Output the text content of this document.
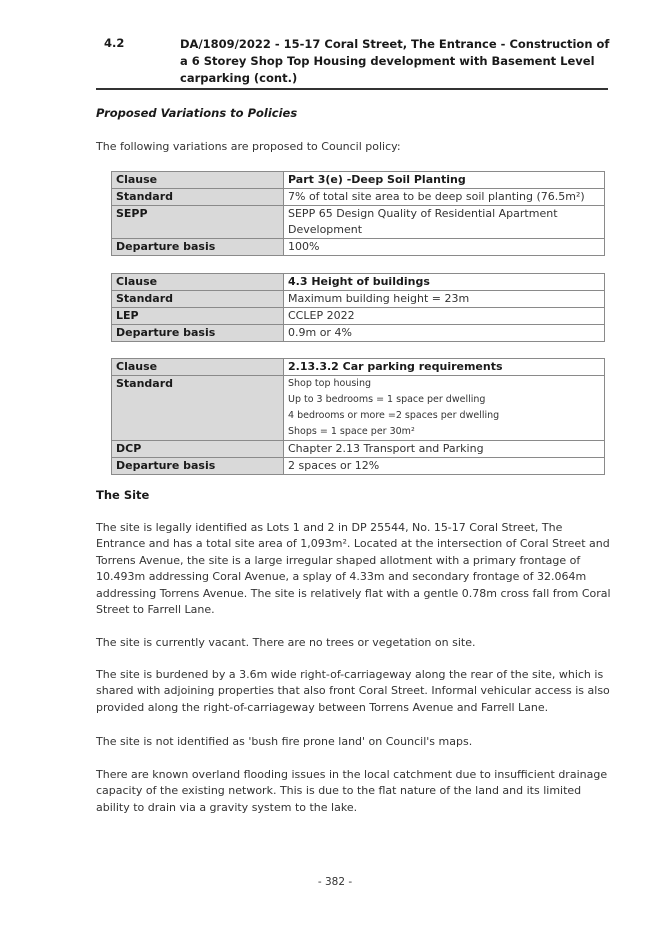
4.2	DA/1809/2022 - 15-17 Coral Street, The Entrance - Construction of a 6 Storey Shop Top Housing development with Basement Level carparking (cont.)
Proposed Variations to Policies
The following variations are proposed to Council policy:
Clause	Part 3(e) -Deep Soil Planting
Standard	7% of total site area to be deep soil planting (76.5m²)
SEPP	SEPP 65 Design Quality of Residential Apartment Development
Departure basis	100%
Clause	4.3 Height of buildings
Standard	Maximum building height = 23m
LEP	CCLEP 2022
Departure basis	0.9m or 4%
Clause	2.13.3.2 Car parking requirements
Standard	Shop top housing
Up to 3 bedrooms = 1 space per dwelling
4 bedrooms or more =2 spaces per dwelling
Shops = 1 space per 30m²

DCP	Chapter 2.13 Transport and Parking
Departure basis	2 spaces or 12%
The Site
The site is legally identified as Lots 1 and 2 in DP 25544, No. 15-17 Coral Street, The Entrance and has a total site area of 1,093m². Located at the intersection of Coral Street and Torrens Avenue, the site is a large irregular shaped allotment with a primary frontage of 10.493m addressing Coral Avenue, a splay of 4.33m and secondary frontage of 32.064m addressing Torrens Avenue. The site is relatively flat with a gentle 0.78m cross fall from Coral Street to Farrell Lane.
The site is currently vacant. There are no trees or vegetation on site.
The site is burdened by a 3.6m wide right-of-carriageway along the rear of the site, which is shared with adjoining properties that also front Coral Street. Informal vehicular access is also provided along the right-of-carriageway between Torrens Avenue and Farrell Lane.
The site is not identified as 'bush fire prone land' on Council's maps.
There are known overland flooding issues in the local catchment due to insufficient drainage capacity of the existing network. This is due to the flat nature of the land and its limited ability to drain via a gravity system to the lake.
- 382 -
